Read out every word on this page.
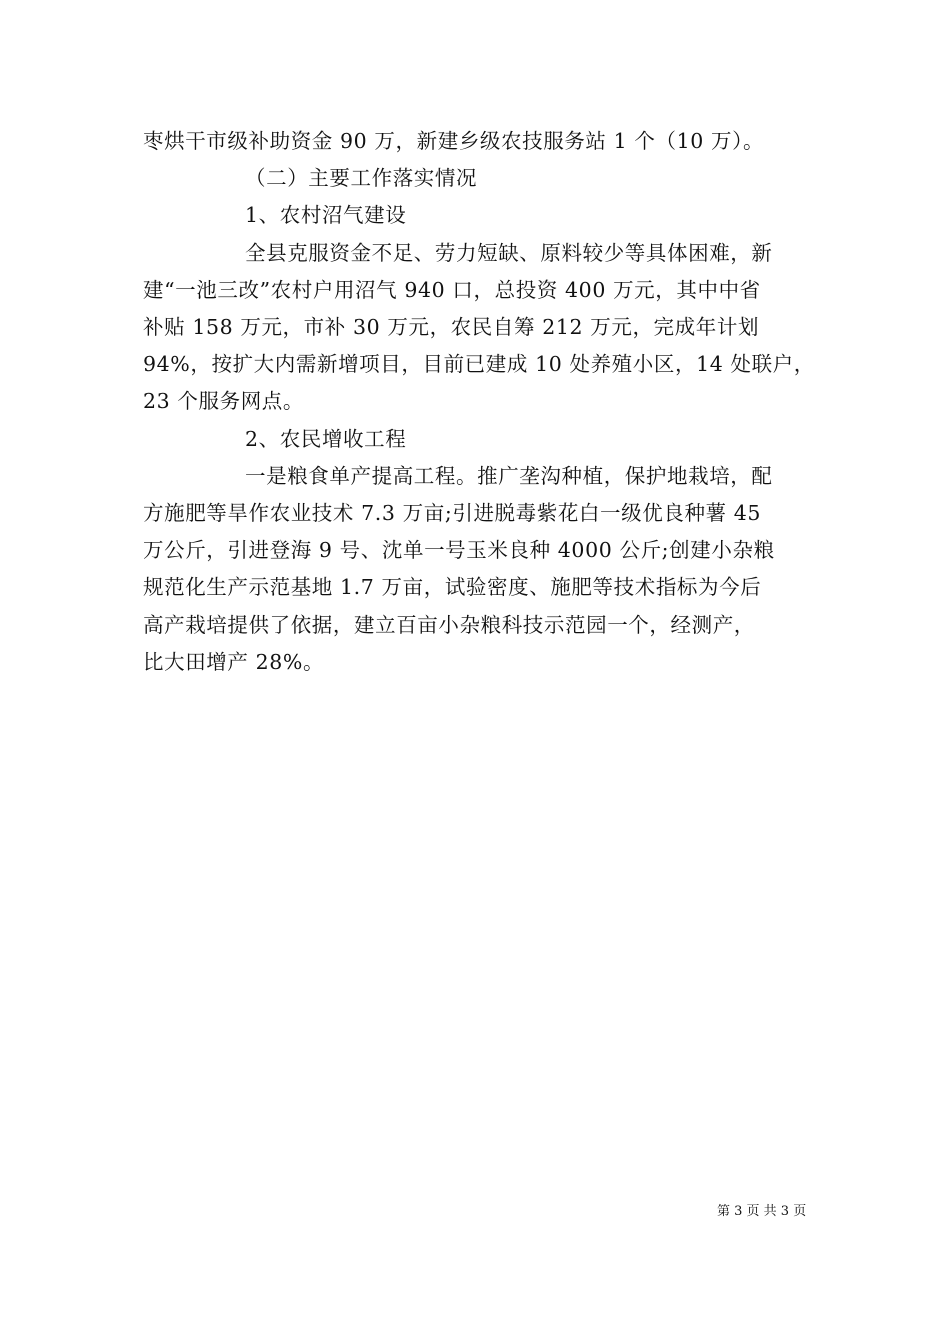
枣烘干市级补助资金 90 万，新建乡级农技服务站 1 个（10 万）。
（二）主要工作落实情况
1、农村沼气建设
全县克服资金不足、劳力短缺、原料较少等具体困难，新
建“一池三改”农村户用沼气 940 口，总投资 400 万元，其中中省
补贴 158 万元，市补 30 万元，农民自筹 212 万元，完成年计划
94%，按扩大内需新增项目，目前已建成 10 处养殖小区，14 处联户，
23 个服务网点。
2、农民增收工程
一是粮食单产提高工程。推广垄沟种植，保护地栽培，配
方施肥等旱作农业技术 7.3 万亩;引进脱毒紫花白一级优良种薯 45
万公斤，引进登海 9 号、沈单一号玉米良种 4000 公斤;创建小杂粮
规范化生产示范基地 1.7 万亩，试验密度、施肥等技术指标为今后
高产栽培提供了依据，建立百亩小杂粮科技示范园一个，经测产，
比大田增产 28%。
第 3 页 共 3 页
